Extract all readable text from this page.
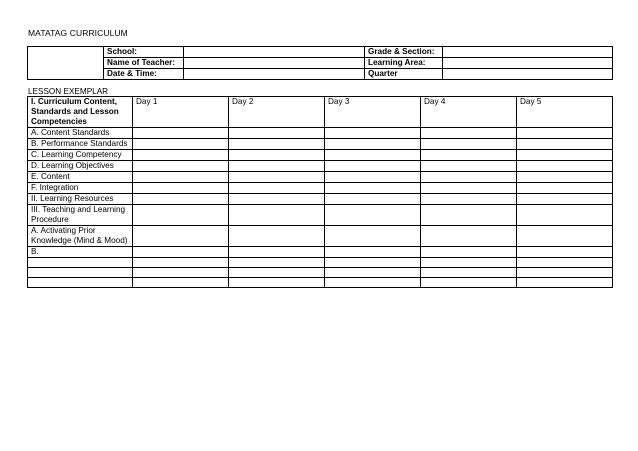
MATATAG CURRICULUM
	School:		Grade & Section:	
	Name of Teacher:		Learning Area:	
	Date & Time:		Quarter	
LESSON EXEMPLAR
I. Curriculum Content, Standards and Lesson Competencies	Day 1	Day 2	Day 3	Day 4	Day 5
A. Content Standards					
B. Performance Standards					
C. Learning Competency					
D. Learning Objectives					
E. Content					
F. Integration					
II. Learning Resources					
III. Teaching and Learning Procedure					
A. Activating Prior Knowledge (Mind & Mood)					
B.					
